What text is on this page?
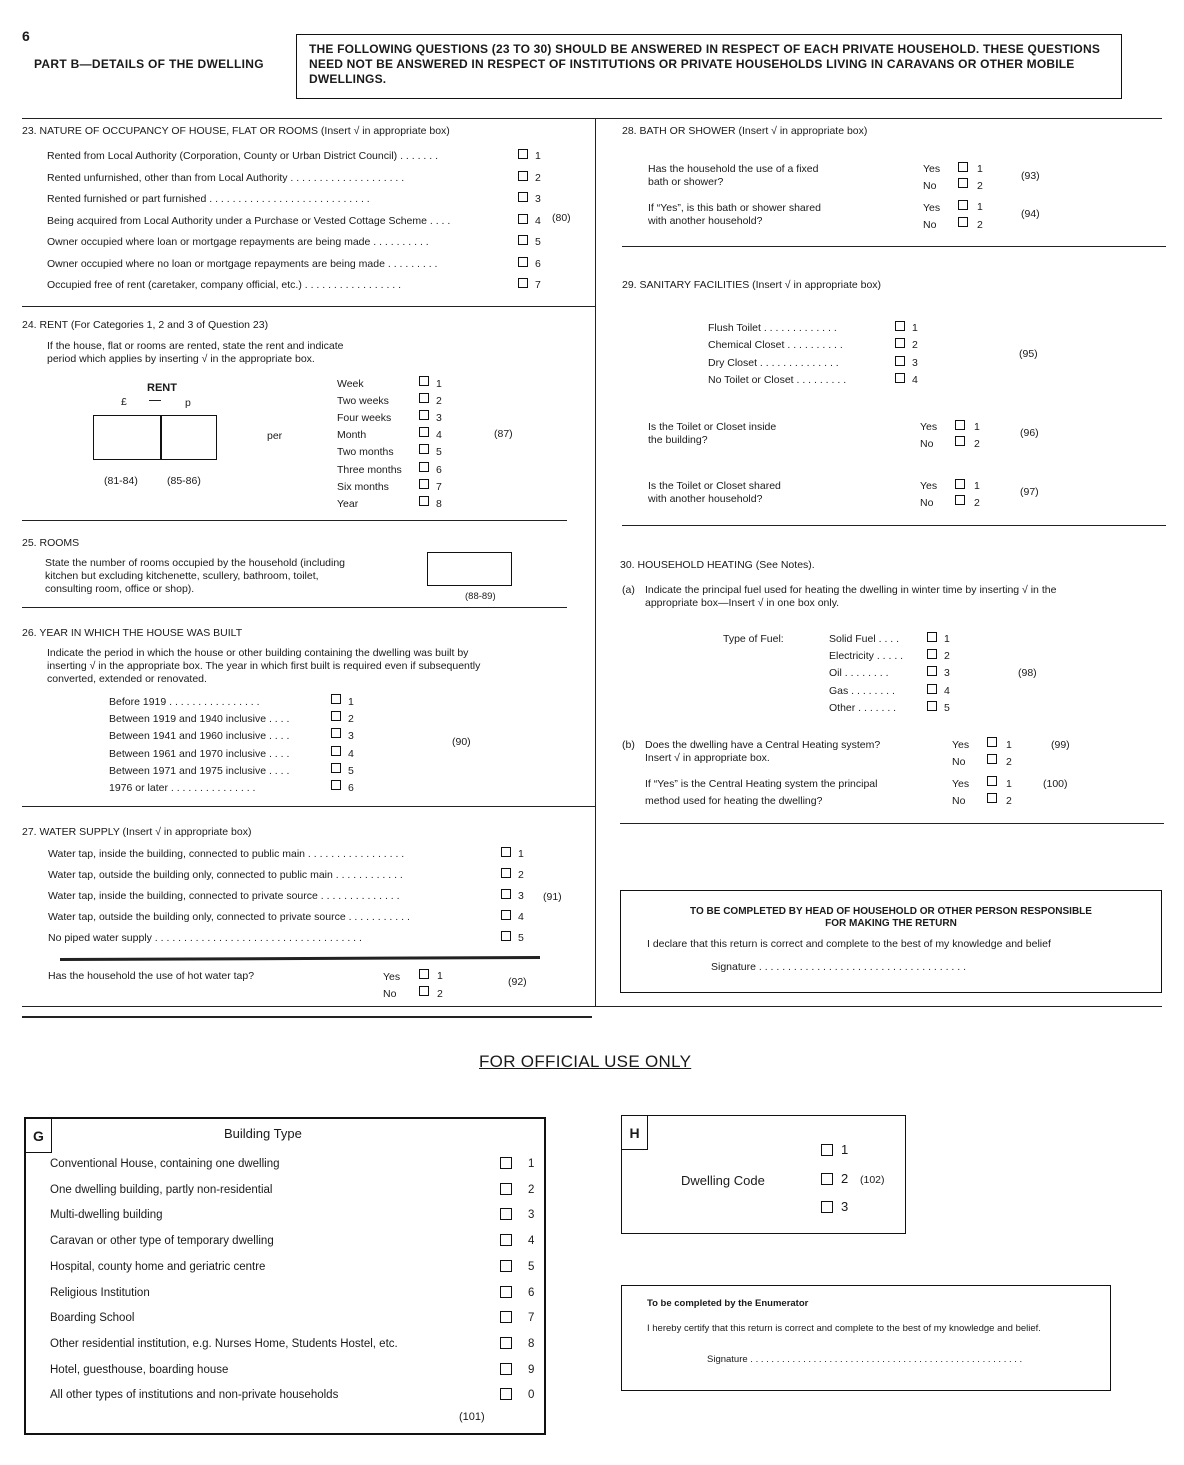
6
PART B—DETAILS OF THE DWELLING
THE FOLLOWING QUESTIONS (23 TO 30) SHOULD BE ANSWERED IN RESPECT OF EACH PRIVATE HOUSEHOLD. THESE QUESTIONS NEED NOT BE ANSWERED IN RESPECT OF INSTITUTIONS OR PRIVATE HOUSEHOLDS LIVING IN CARAVANS OR OTHER MOBILE DWELLINGS.
23. NATURE OF OCCUPANCY OF HOUSE, FLAT OR ROOMS (Insert √ in appropriate box)
Rented from Local Authority (Corporation, County or Urban District Council) . . . . . . .	1
Rented unfurnished, other than from Local Authority . . . . . . . . . . . . . . . . . . . .	2
Rented furnished or part furnished . . . . . . . . . . . . . . . . . . . . . . . . . . . .	3
Being acquired from Local Authority under a Purchase or Vested Cottage Scheme . . . .	4
Owner occupied where loan or mortgage repayments are being made . . . . . . . . . .	5
Owner occupied where no loan or mortgage repayments are being made . . . . . . . . .	6
Occupied free of rent (caretaker, company official, etc.) . . . . . . . . . . . . . . . . .	7
(80)
24. RENT (For Categories 1, 2 and 3 of Question 23)
If the house, flat or rooms are rented, state the rent and indicate
period which applies by inserting √ in the appropriate box.
RENT
£	p
per
(81-84)	(85-86)
Week	1
Two weeks	2
Four weeks	3
Month	4
Two months	5
Three months	6
Six months	7
Year	8
(87)
25. ROOMS
State the number of rooms occupied by the household (including
kitchen but excluding kitchenette, scullery, bathroom, toilet,
consulting room, office or shop).
(88-89)
26. YEAR IN WHICH THE HOUSE WAS BUILT
Indicate the period in which the house or other building containing the dwelling was built by
inserting √ in the appropriate box. The year in which first built is required even if subsequently
converted, extended or renovated.
Before 1919 . . . . . . . . . . . . . . . .	1
Between 1919 and 1940 inclusive . . . .	2
Between 1941 and 1960 inclusive . . . .	3
Between 1961 and 1970 inclusive . . . .	4
Between 1971 and 1975 inclusive . . . .	5
1976 or later . . . . . . . . . . . . . . .	6
(90)
27. WATER SUPPLY (Insert √ in appropriate box)
Water tap, inside the building, connected to public main . . . . . . . . . . . . . . . . .	1
Water tap, outside the building only, connected to public main . . . . . . . . . . . .	2
Water tap, inside the building, connected to private source . . . . . . . . . . . . . .	3
Water tap, outside the building only, connected to private source . . . . . . . . . . .	4
No piped water supply . . . . . . . . . . . . . . . . . . . . . . . . . . . . . . . . . . . .	5
(91)
Has the household the use of hot water tap?	Yes	1
No	2
(92)
28. BATH OR SHOWER (Insert √ in appropriate box)
Has the household the use of a fixed
bath or shower?
Yes	1
No	2
(93)
If “Yes”, is this bath or shower shared
with another household?
Yes	1
No	2
(94)
29. SANITARY FACILITIES (Insert √ in appropriate box)
Flush Toilet . . . . . . . . . . . . .	1
Chemical Closet . . . . . . . . . .	2
Dry Closet . . . . . . . . . . . . . .	3
No Toilet or Closet . . . . . . . . .	4
(95)
Is the Toilet or Closet inside
the building?
Yes	1
No	2
(96)
Is the Toilet or Closet shared
with another household?
Yes	1
No	2
(97)
30. HOUSEHOLD HEATING (See Notes).
(a) Indicate the principal fuel used for heating the dwelling in winter time by inserting √ in the
appropriate box—Insert √ in one box only.
Type of Fuel:	Solid Fuel . . . .	1
Electricity . . . . .	2
Oil . . . . . . . .	3
Gas . . . . . . . .	4
Other . . . . . . .	5
(98)
(b) Does the dwelling have a Central Heating system?
Insert √ in appropriate box.
Yes	1
No	2
(99)
If “Yes” is the Central Heating system the principal
method used for heating the dwelling?
Yes	1
No	2
(100)
TO BE COMPLETED BY HEAD OF HOUSEHOLD OR OTHER PERSON RESPONSIBLE
FOR MAKING THE RETURN
I declare that this return is correct and complete to the best of my knowledge and belief
Signature . . . . . . . . . . . . . . . . . . . . . . . . . . . . . . . . . . . .
FOR OFFICIAL USE ONLY
G	Building Type
Conventional House, containing one dwelling	1
One dwelling building, partly non-residential	2
Multi-dwelling building	3
Caravan or other type of temporary dwelling	4
Hospital, county home and geriatric centre	5
Religious Institution	6
Boarding School	7
Other residential institution, e.g. Nurses Home, Students Hostel, etc.	8
Hotel, guesthouse, boarding house	9
All other types of institutions and non-private households	0
(101)
H
Dwelling Code
1
2 (102)
3
To be completed by the Enumerator
I hereby certify that this return is correct and complete to the best of my knowledge and belief.
Signature . . . . . . . . . . . . . . . . . . . . . . . . . . . . . . . . . . . . . . . . . . . . . . . . . . . .
